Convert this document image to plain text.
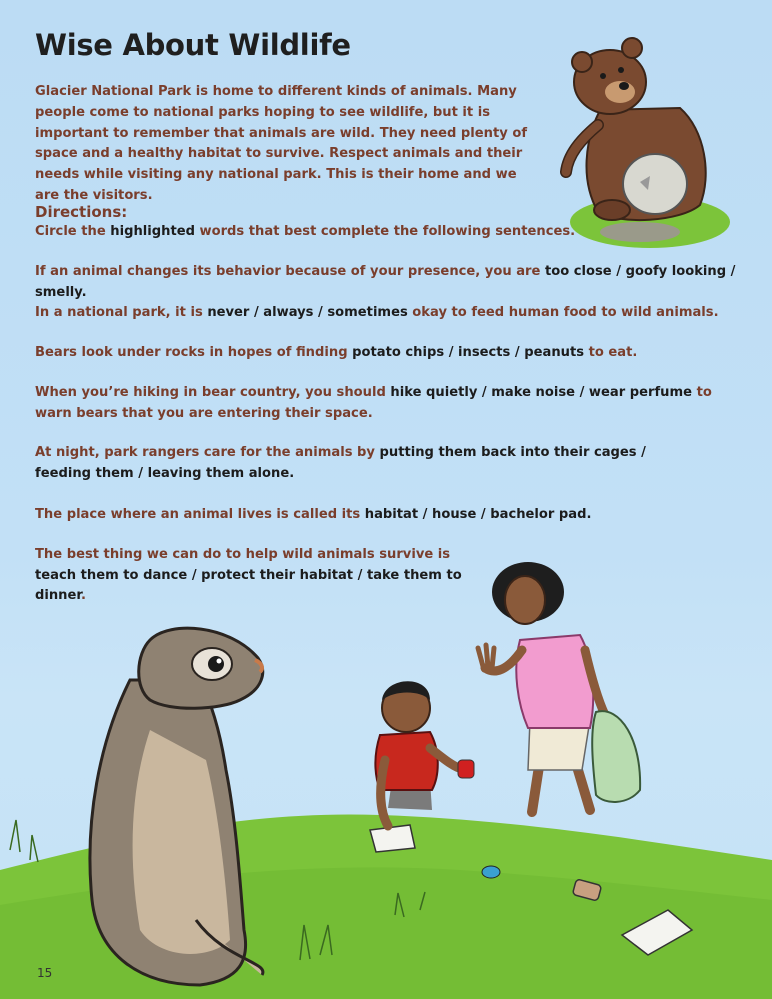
Wise About Wildlife

Glacier National Park is home to different kinds of animals. Many people come to national parks hoping to see wildlife, but it is important to remember that animals are wild. They need plenty of space and a healthy habitat to survive. Respect animals and their needs while visiting any national park. This is their home and we are the visitors.

Directions:

Circle the highlighted words that best complete the following sentences.

If an animal changes its behavior because of your presence, you are too close / goofy looking / smelly.

In a national park, it is never / always / sometimes okay to feed human food to wild animals.

Bears look under rocks in hopes of finding potato chips / insects / peanuts to eat.

When you’re hiking in bear country, you should hike quietly / make noise / wear perfume to warn bears that you are entering their space.

At night, park rangers care for the animals by putting them back into their cages / feeding them / leaving them alone.

The place where an animal lives is called its habitat / house / bachelor pad.

The best thing we can do to help wild animals survive is teach them to dance / protect their habitat / take them to dinner.

15
